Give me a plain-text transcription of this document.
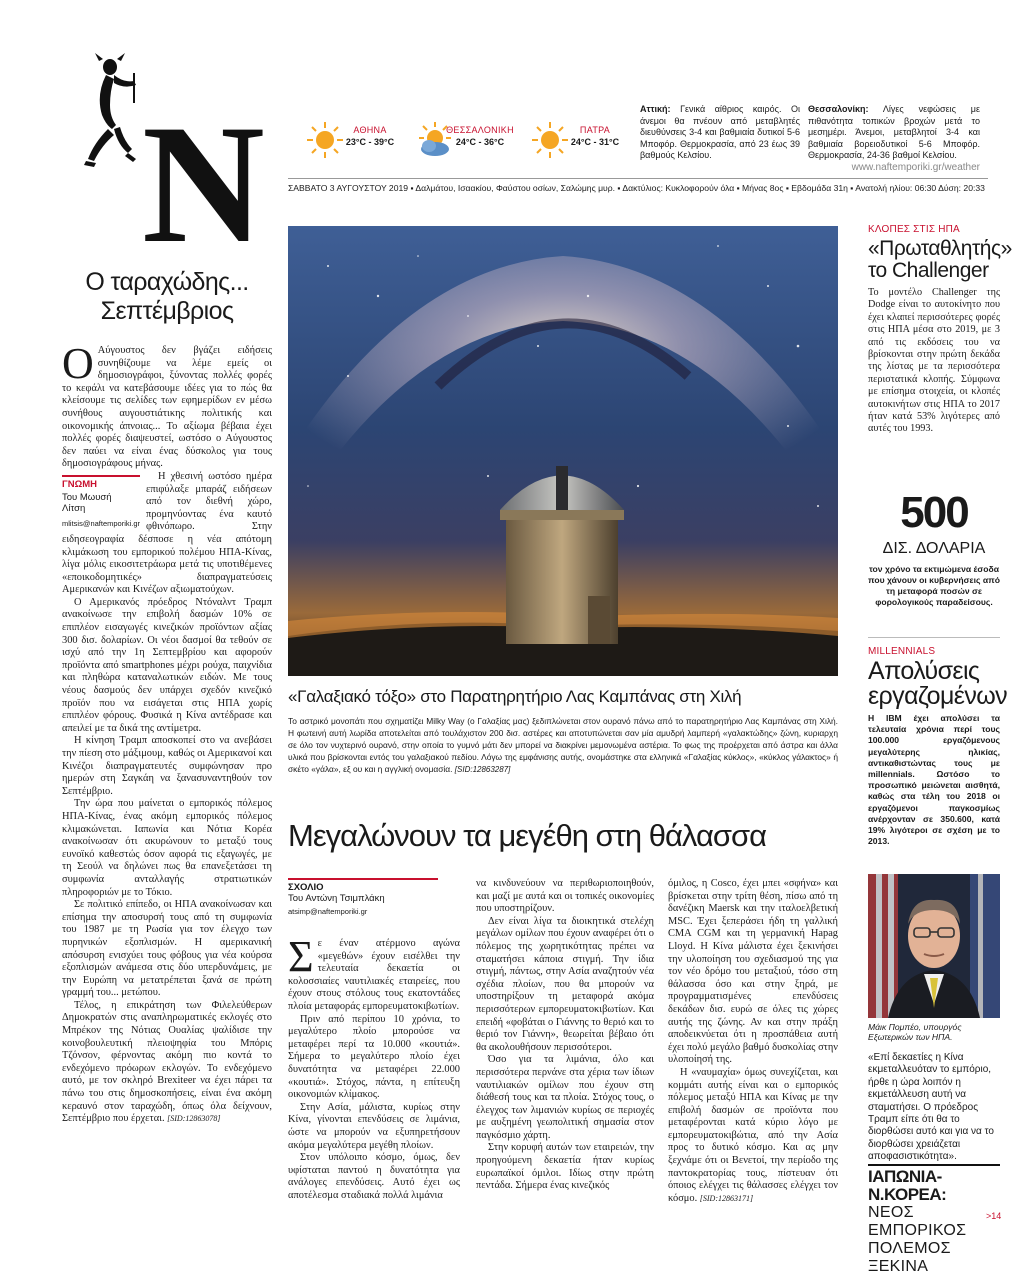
N	ΑΘΗΝΑ
23°C - 39°C
ΘΕΣΣΑΛΟΝΙΚΗ
24°C - 36°C
ΠΑΤΡΑ
24°C - 31°C
Αττική: Γενικά αίθριος καιρός. Οι άνεμοι θα πνέουν από μεταβλητές διευθύνσεις 3-4 και βαθμιαία δυτικοί 5-6 Μποφόρ. Θερμοκρασία, από 23 έως 39 βαθμούς Κελσίου.
Θεσσαλονίκη: Λίγες νεφώσεις με πιθανότητα τοπικών βροχών μετά το μεσημέρι. Άνεμοι, μεταβλητοί 3-4 και βαθμιαία βορειοδυτικοί 5-6 Μποφόρ. Θερμοκρασία, 24-36 βαθμοί Κελσίου.
www.naftemporiki.gr/weather
ΣΑΒΒΑΤΟ 3 ΑΥΓΟΥΣΤΟΥ 2019 ▪ Δαλμάτου, Ισαακίου, Φαύστου οσίων, Σαλώμης μυρ. ▪ Δακτύλιος: Κυκλοφορούν όλα ▪ Μήνας 8ος ▪ Εβδομάδα 31η ▪ Ανατολή ηλίου: 06:30 Δύση: 20:33
Ο ταραχώδης...
Σεπτέμβριος

Ο Αύγουστος δεν βγάζει ειδήσεις συνηθίζουμε να λέμε εμείς οι δημοσιογράφοι, ξύνοντας πολλές φορές το κεφάλι να κατεβάσουμε ιδέες για το πώς θα κλείσουμε τις σελίδες των εφημερίδων εν μέσω συνήθους αυγουστιάτικης πολιτικής και οικονομικής άπνοιας... Το αξίωμα βέβαια έχει πολλές φορές διαψευστεί, ωστόσο ο Αύγουστος δεν παύει να είναι ένας δύσκολος για τους δημοσιογράφους μήνας.

ΓΝΩΜΗ
Του Μωυσή
Λίτση
mlitsis@naftemporiki.gr

Η χθεσινή ωστόσο ημέρα επιφύλαξε μπαράζ ειδήσεων από τον διεθνή χώρο, προμηνύοντας ένα καυτό φθινόπωρο. Στην ειδησεογραφία δέσποσε η νέα απότομη κλιμάκωση του εμπορικού πολέμου ΗΠΑ-Κίνας, λίγα μόλις εικοσιτετράωρα μετά τις υποτιθέμενες «εποικοδομητικές» διαπραγματεύσεις Αμερικανών και Κινέζων αξιωματούχων.

Ο Αμερικανός πρόεδρος Ντόναλντ Τραμπ ανακοίνωσε την επιβολή δασμών 10% σε επιπλέον εισαγωγές κινεζικών προϊόντων αξίας 300 δισ. δολαρίων. Οι νέοι δασμοί θα τεθούν σε ισχύ από την 1η Σεπτεμβρίου και αφορούν προϊόντα από smartphones μέχρι ρούχα, παιχνίδια και πληθώρα καταναλωτικών ειδών. Με τους νέους δασμούς δεν υπάρχει σχεδόν κινεζικό προϊόν που να εισάγεται στις ΗΠΑ χωρίς επιπλέον φόρους. Φυσικά η Κίνα αντέδρασε και απειλεί με τα δικά της αντίμετρα.

Η κίνηση Τραμπ αποσκοπεί στο να ανεβάσει την πίεση στο μάξιμουμ, καθώς οι Αμερικανοί και Κινέζοι διαπραγματευτές συμφώνησαν προ ημερών στη Σαγκάη να ξανασυναντηθούν τον Σεπτέμβριο.

Την ώρα που μαίνεται ο εμπορικός πόλεμος ΗΠΑ-Κίνας, ένας ακόμη εμπορικός πόλεμος κλιμακώνεται. Ιαπωνία και Νότια Κορέα ανακοίνωσαν ότι ακυρώνουν το μεταξύ τους ευνοϊκό καθεστώς όσον αφορά τις εξαγωγές, με τη Σεούλ να δηλώνει πως θα επανεξετάσει τη συμφωνία ανταλλαγής στρατιωτικών πληροφοριών με το Τόκιο.

Σε πολιτικό επίπεδο, οι ΗΠΑ ανακοίνωσαν και επίσημα την αποσυρσή τους από τη συμφωνία του 1987 με τη Ρωσία για τον έλεγχο των πυρηνικών εξοπλισμών. Η αμερικανική απόσυρση ενισχύει τους φόβους για νέα κούρσα εξοπλισμών ανάμεσα στις δύο υπερδυνάμεις, με την Ευρώπη να μετατρέπεται ξανά σε πρώτη γραμμή του... μετώπου.

Τέλος, η επικράτηση των Φιλελεύθερων Δημοκρατών στις αναπληρωματικές εκλογές στο Μπρέκον της Νότιας Ουαλίας ψαλίδισε την κοινοβουλευτική πλειοψηφία του Μπόρις Τζόνσον, φέρνοντας ακόμη πιο κοντά το ενδεχόμενο πρόωρων εκλογών. Το ενδεχόμενο αυτό, με τον σκληρό Brexiteer να έχει πάρει τα πάνω του στις δημοσκοπήσεις, είναι ένα ακόμη κεραυνό στον ταραχώδη, όπως όλα δείχνουν, Σεπτέμβριο που έρχεται. [SID:12863078]

«Γαλαξιακό τόξο» στο Παρατηρητήριο Λας Καμπάνας στη Χιλή
Το αστρικό μονοπάτι που σχηματίζει Milky Way (ο Γαλαξίας μας) ξεδιπλώνεται στον ουρανό πάνω από το παρατηρητήριο Λας Καμπάνας στη Χιλή. Η φωτεινή αυτή λωρίδα αποτελείται από τουλάχιστον 200 δισ. αστέρες και αποτυπώνεται σαν μία αμυδρή λαμπερή «γαλακτώδης» ζώνη, κυριαρχη σε όλο τον νυχτερινό ουρανό, στην οποία το γυμνό μάτι δεν μπορεί να διακρίνει μεμονωμένα αστέρια. Το φως της προέρχεται από άστρα και άλλα υλικά που βρίσκονται εντός του γαλαξιακού πεδίου. Λόγω της εμφάνισης αυτής, ονομάστηκε στα ελληνικά «Γαλαξίας κύκλος», «κύκλος γάλακτος» ή σκέτο «γάλα», εξ ου και η αγγλική ονομασία. [SID:12863287]
Μεγαλώνουν τα μεγέθη στη θάλασσα
ΣΧΟΛΙΟ
Του Αντώνη Τσιμπλάκη
atsimp@naftemporiki.gr

Σε έναν ατέρμονο αγώνα «μεγεθών» έχουν εισέλθει την τελευταία δεκαετία οι κολοσσιαίες ναυτιλιακές εταιρείες, που έχουν στους στόλους τους εκατοντάδες πλοία μεταφοράς εμπορευματοκιβωτίων.

Πριν από περίπου 10 χρόνια, το μεγαλύτερο πλοίο μπορούσε να μεταφέρει περί τα 10.000 «κουτιά». Σήμερα το μεγαλύτερο πλοίο έχει δυνατότητα να μεταφέρει 22.000 «κουτιά». Στόχος, πάντα, η επίτευξη οικονομιών κλίμακος.

Στην Ασία, μάλιστα, κυρίως στην Κίνα, γίνονται επενδύσεις σε λιμάνια, ώστε να μπορούν να εξυπηρετήσουν ακόμα μεγαλύτερα μεγέθη πλοίων.

Στον υπόλοιπο κόσμο, όμως, δεν υφίσταται παντού η δυνατότητα για ανάλογες επενδύσεις. Αυτό έχει ως αποτέλεσμα σταδιακά πολλά λιμάνια

να κινδυνεύουν να περιθωριοποιηθούν, και μαζί με αυτά και οι τοπικές οικονομίες που υποστηρίζουν.

Δεν είναι λίγα τα διοικητικά στελέχη μεγάλων ομίλων που έχουν αναφέρει ότι ο πόλεμος της χωρητικότητας πρέπει να σταματήσει κάποια στιγμή. Την ίδια στιγμή, πάντως, στην Ασία αναζητούν νέα σχέδια πλοίων, που θα μπορούν να υποστηρίξουν τη μεταφορά ακόμα περισσότερων εμπορευματοκιβωτίων. Και επειδή «φοβάται ο Γιάννης το θεριό και το θεριό τον Γιάννη», θεωρείται βέβαιο ότι θα ακολουθήσουν περισσότεροι.

Όσο για τα λιμάνια, όλο και περισσότερα περνάνε στα χέρια των ίδιων ναυτιλιακών ομίλων που έχουν στη διάθεσή τους και τα πλοία. Στόχος τους, ο έλεγχος των λιμανιών κυρίως σε περιοχές με αυξημένη γεωπολιτική σημασία στον παγκόσμιο χάρτη.

Στην κορυφή αυτών των εταιρειών, την προηγούμενη δεκαετία ήταν κυρίως ευρωπαϊκοί όμιλοι. Ιδίως στην πρώτη πεντάδα. Σήμερα ένας κινεζικός

όμιλος, η Cosco, έχει μπει «σφήνα» και βρίσκεται στην τρίτη θέση, πίσω από τη δανέζικη Maersk και την ιταλοελβετική MSC. Έχει ξεπεράσει ήδη τη γαλλική CMA CGM και τη γερμανική Hapag Lloyd. Η Κίνα μάλιστα έχει ξεκινήσει την υλοποίηση του σχεδιασμού της για τον νέο δρόμο του μεταξιού, τόσο στη θάλασσα όσο και στην ξηρά, με προγραμματισμένες επενδύσεις δεκάδων δισ. ευρώ σε όλες τις χώρες αυτής της ζώνης. Αν και στην πράξη αποδεικνύεται ότι η προσπάθεια αυτή έχει πολύ μεγάλο βαθμό δυσκολίας στην υλοποίησή της.

Η «ναυμαχία» όμως συνεχίζεται, και κομμάτι αυτής είναι και ο εμπορικός πόλεμος μεταξύ ΗΠΑ και Κίνας με την επιβολή δασμών σε προϊόντα που μεταφέρονται κατά κύριο λόγο με εμπορευματοκιβώτια, από την Ασία προς το δυτικό κόσμο. Και ας μην ξεχνάμε ότι οι Βενετοί, την περίοδο της παντοκρατορίας τους, πίστευαν ότι όποιος ελέγχει τις θάλασσες ελέγχει τον κόσμο. [SID:12863171]

ΚΛΟΠΕΣ ΣΤΙΣ ΗΠΑ
«Πρωταθλητής»
το Challenger
Το μοντέλο Challenger της Dodge είναι το αυτοκίνητο που έχει κλαπεί περισσότερες φορές στις ΗΠΑ μέσα στο 2019, με 3 από τις εκδόσεις του να βρίσκονται στην πρώτη δεκάδα της λίστας με τα περισσότερα περιστατικά κλοπής. Σύμφωνα με επίσημα στοιχεία, οι κλοπές αυτοκινήτων στις ΗΠΑ το 2017 ήταν κατά 53% λιγότερες από αυτές του 1993.
500
ΔΙΣ. ΔΟΛΑΡΙΑ
τον χρόνο τα εκτιμώμενα έσοδα που χάνουν οι κυβερνήσεις από τη μεταφορά ποσών σε φορολογικούς παραδείσους.
MILLENNIALS
Απολύσεις
εργαζομένων
Η IBM έχει απολύσει τα τελευταία χρόνια περί τους 100.000 εργαζόμενους μεγαλύτερης ηλικίας, αντικαθιστώντας τους με millennials. Ωστόσο το προσωπικό μειώνεται αισθητά, καθώς στα τέλη του 2018 οι εργαζόμενοι παγκοσμίως ανέρχονταν σε 350.600, κατά 19% λιγότεροι σε σχέση με το 2013.
Μάικ Πομπέο, υπουργός Εξωτερικών των ΗΠΑ.
«Επί δεκαετίες η Κίνα εκμεταλλευόταν το εμπόριο, ήρθε η ώρα λοιπόν η εκμετάλλευση αυτή να σταματήσει. Ο πρόεδρος Τραμπ είπε ότι θα το διορθώσει αυτό και για να το διορθώσει χρειάζεται αποφασιστικότητα».
ΙΑΠΩΝΙΑ-Ν.ΚΟΡΕΑ:
ΝΕΟΣ ΕΜΠΟΡΙΚΟΣ ΠΟΛΕΜΟΣ ΞΕΚΙΝΑ
>14
